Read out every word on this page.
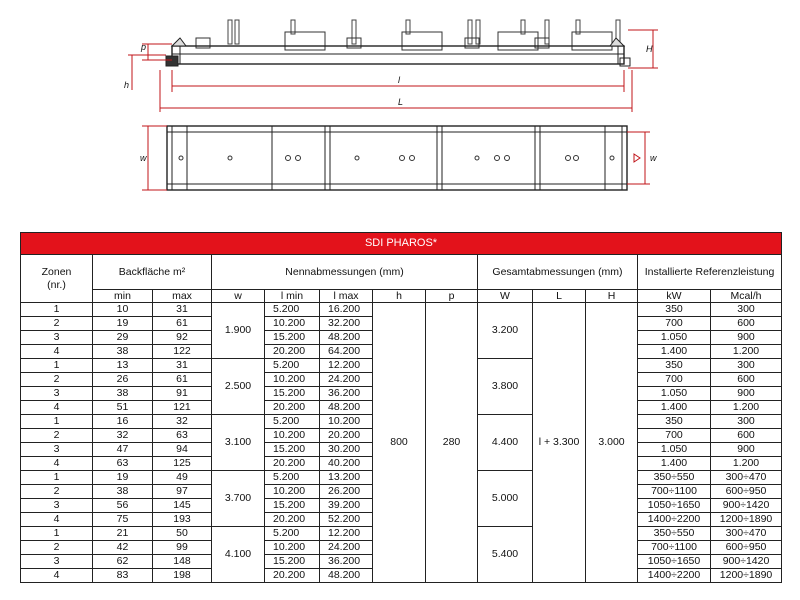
p	H
h	l
L
w	w
SDI PHAROS*												
Zonen
(nr.)	Backfläche m²		Nennabmessungen (mm)					Gesamtabmessungen (mm)			Installierte Referenzleistung	
	min	max	w	l min	l max	h	p	W	L	H	kW	Mcal/h
1	10	31	1.900	5.200	16.200	800	280	3.200	l + 3.300	3.000	350	300
2	19	61		10.200	32.200						700	600
3	29	92		15.200	48.200						1.050	900
4	38	122		20.200	64.200						1.400	1.200
1	13	31	2.500	5.200	12.200			3.800			350	300
2	26	61		10.200	24.200						700	600
3	38	91		15.200	36.200						1.050	900
4	51	121		20.200	48.200						1.400	1.200
1	16	32	3.100	5.200	10.200			4.400			350	300
2	32	63		10.200	20.200						700	600
3	47	94		15.200	30.200						1.050	900
4	63	125		20.200	40.200						1.400	1.200
1	19	49	3.700	5.200	13.200			5.000			350÷550	300÷470
2	38	97		10.200	26.200						700÷1100	600÷950
3	56	145		15.200	39.200						1050÷1650	900÷1420
4	75	193		20.200	52.200						1400÷2200	1200÷1890
1	21	50	4.100	5.200	12.200			5.400			350÷550	300÷470
2	42	99		10.200	24.200						700÷1100	600÷950
3	62	148		15.200	36.200						1050÷1650	900÷1420
4	83	198		20.200	48.200						1400÷2200	1200÷1890
